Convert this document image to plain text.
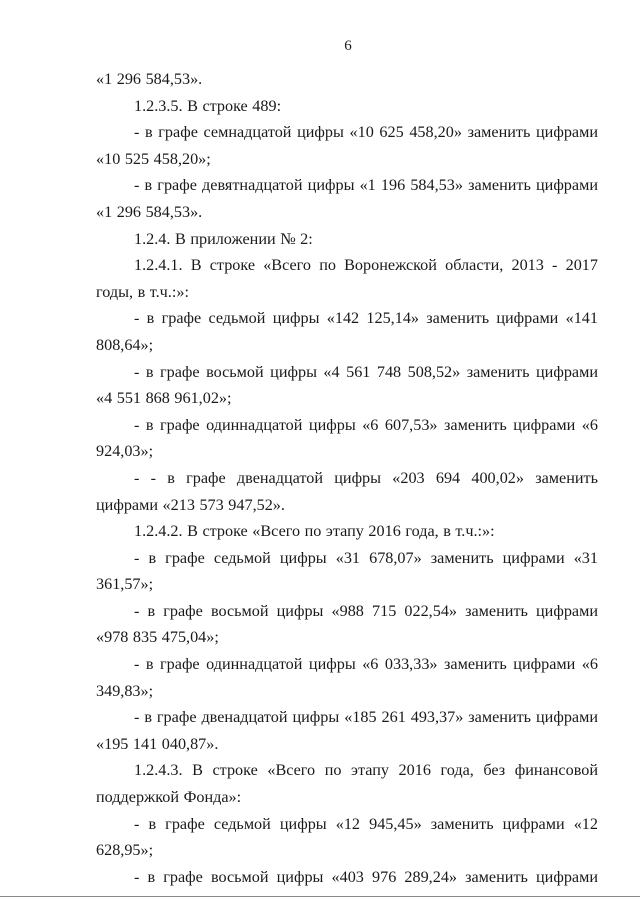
6

«1 296 584,53».

1.2.3.5. В строке 489:

- в графе семнадцатой цифры «10 625 458,20» заменить цифрами «10 525 458,20»;

- в графе девятнадцатой цифры «1 196 584,53» заменить цифрами «1 296 584,53».

1.2.4. В приложении № 2:

1.2.4.1. В строке «Всего по Воронежской области, 2013 - 2017 годы, в т.ч.:»:

- в графе седьмой цифры «142 125,14» заменить цифрами «141 808,64»;

- в графе восьмой цифры «4 561 748 508,52» заменить цифрами «4 551 868 961,02»;

- в графе одиннадцатой цифры «6 607,53» заменить цифрами «6 924,03»;

- - в графе двенадцатой цифры «203 694 400,02» заменить цифрами «213 573 947,52».

1.2.4.2. В строке «Всего по этапу 2016 года, в т.ч.:»:

- в графе седьмой цифры «31 678,07» заменить цифрами «31 361,57»;

- в графе восьмой цифры «988 715 022,54» заменить цифрами «978 835 475,04»;

- в графе одиннадцатой цифры «6 033,33» заменить цифрами «6 349,83»;

- в графе двенадцатой цифры «185 261 493,37» заменить цифрами «195 141 040,87».

1.2.4.3. В строке «Всего по этапу 2016 года, без финансовой поддержкой Фонда»:

- в графе седьмой цифры «12 945,45» заменить цифрами «12 628,95»;

- в графе восьмой цифры «403 976 289,24» заменить цифрами
